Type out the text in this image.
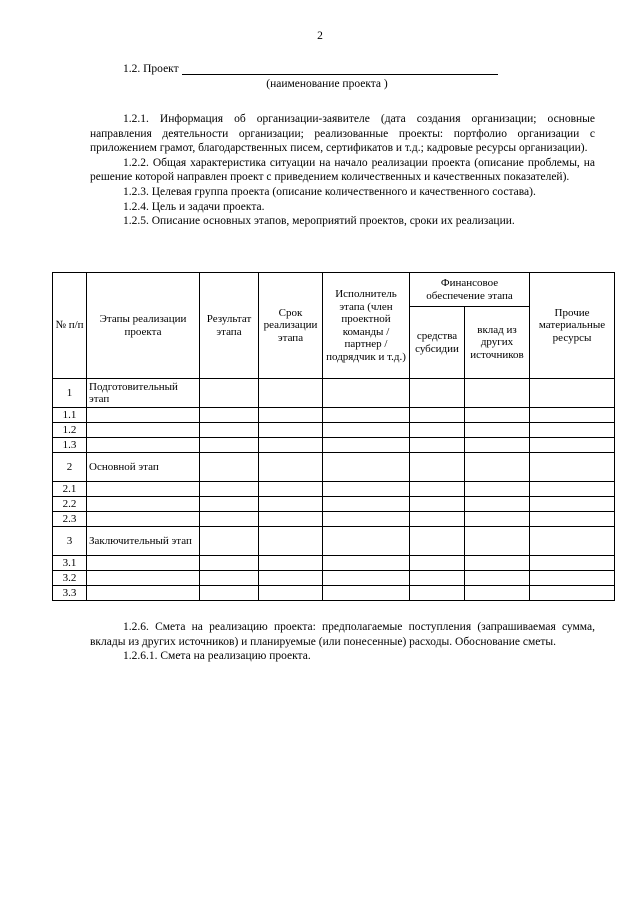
2
1.2. Проект
(наименование проекта )

1.2.1. Информация об организации-заявителе (дата создания организации; основные направления деятельности организации; реализованные проекты: портфолио организации с приложением грамот, благодарственных писем, сертификатов и т.д.; кадровые ресурсы организации).

1.2.2. Общая характеристика ситуации на начало реализации проекта (описание проблемы, на решение которой направлен проект с приведением количественных и качественных показателей).

1.2.3. Целевая группа проекта (описание количественного и качественного состава).

1.2.4. Цель и задачи проекта.

1.2.5. Описание основных этапов, мероприятий проектов, сроки их реализации.

№ п/п	Этапы реализации проекта	Результат этапа	Срок реализации этапа	Исполнитель этапа (член проектной команды / партнер / подрядчик и т.д.)	Финансовое обеспечение этапа		Прочие материальные ресурсы
					средства субсидии	вклад из других источников	
1	Подготовительный этап						
1.1							
1.2							
1.3							
2	Основной этап						
2.1							
2.2							
2.3							
3	Заключительный этап						
3.1							
3.2							
3.3							

1.2.6. Смета на реализацию проекта: предполагаемые поступления (запрашиваемая сумма, вклады из других источников) и планируемые (или понесенные) расходы. Обоснование сметы.

1.2.6.1. Смета на реализацию проекта.
